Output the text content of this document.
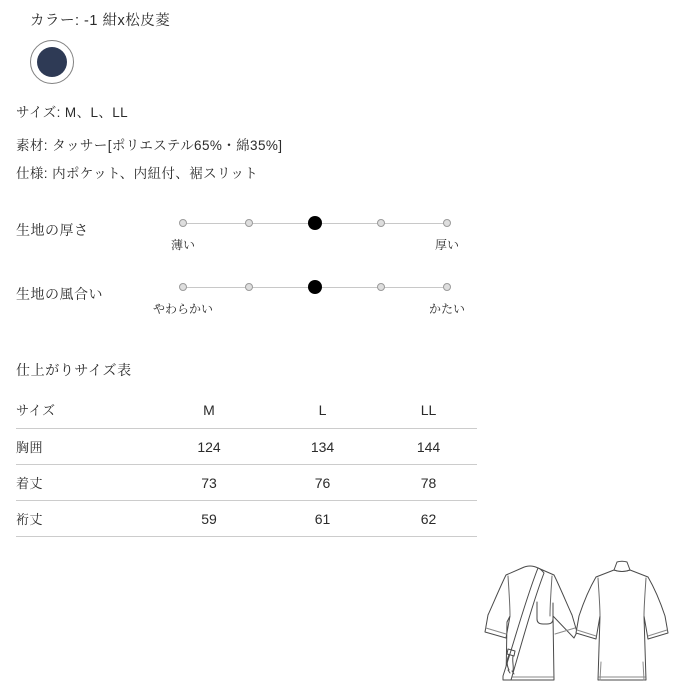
カラー: -1 紺x松皮菱
サイズ: M、L、LL
素材: タッサー[ポリエステル65%・綿35%]
仕様: 内ポケット、内紐付、裾スリット
生地の厚さ
薄い	厚い
生地の風合い
やわらかい	かたい
仕上がりサイズ表
サイズ	M	L	LL
胸囲	124	134	144
着丈	73	76	78
裄丈	59	61	62
